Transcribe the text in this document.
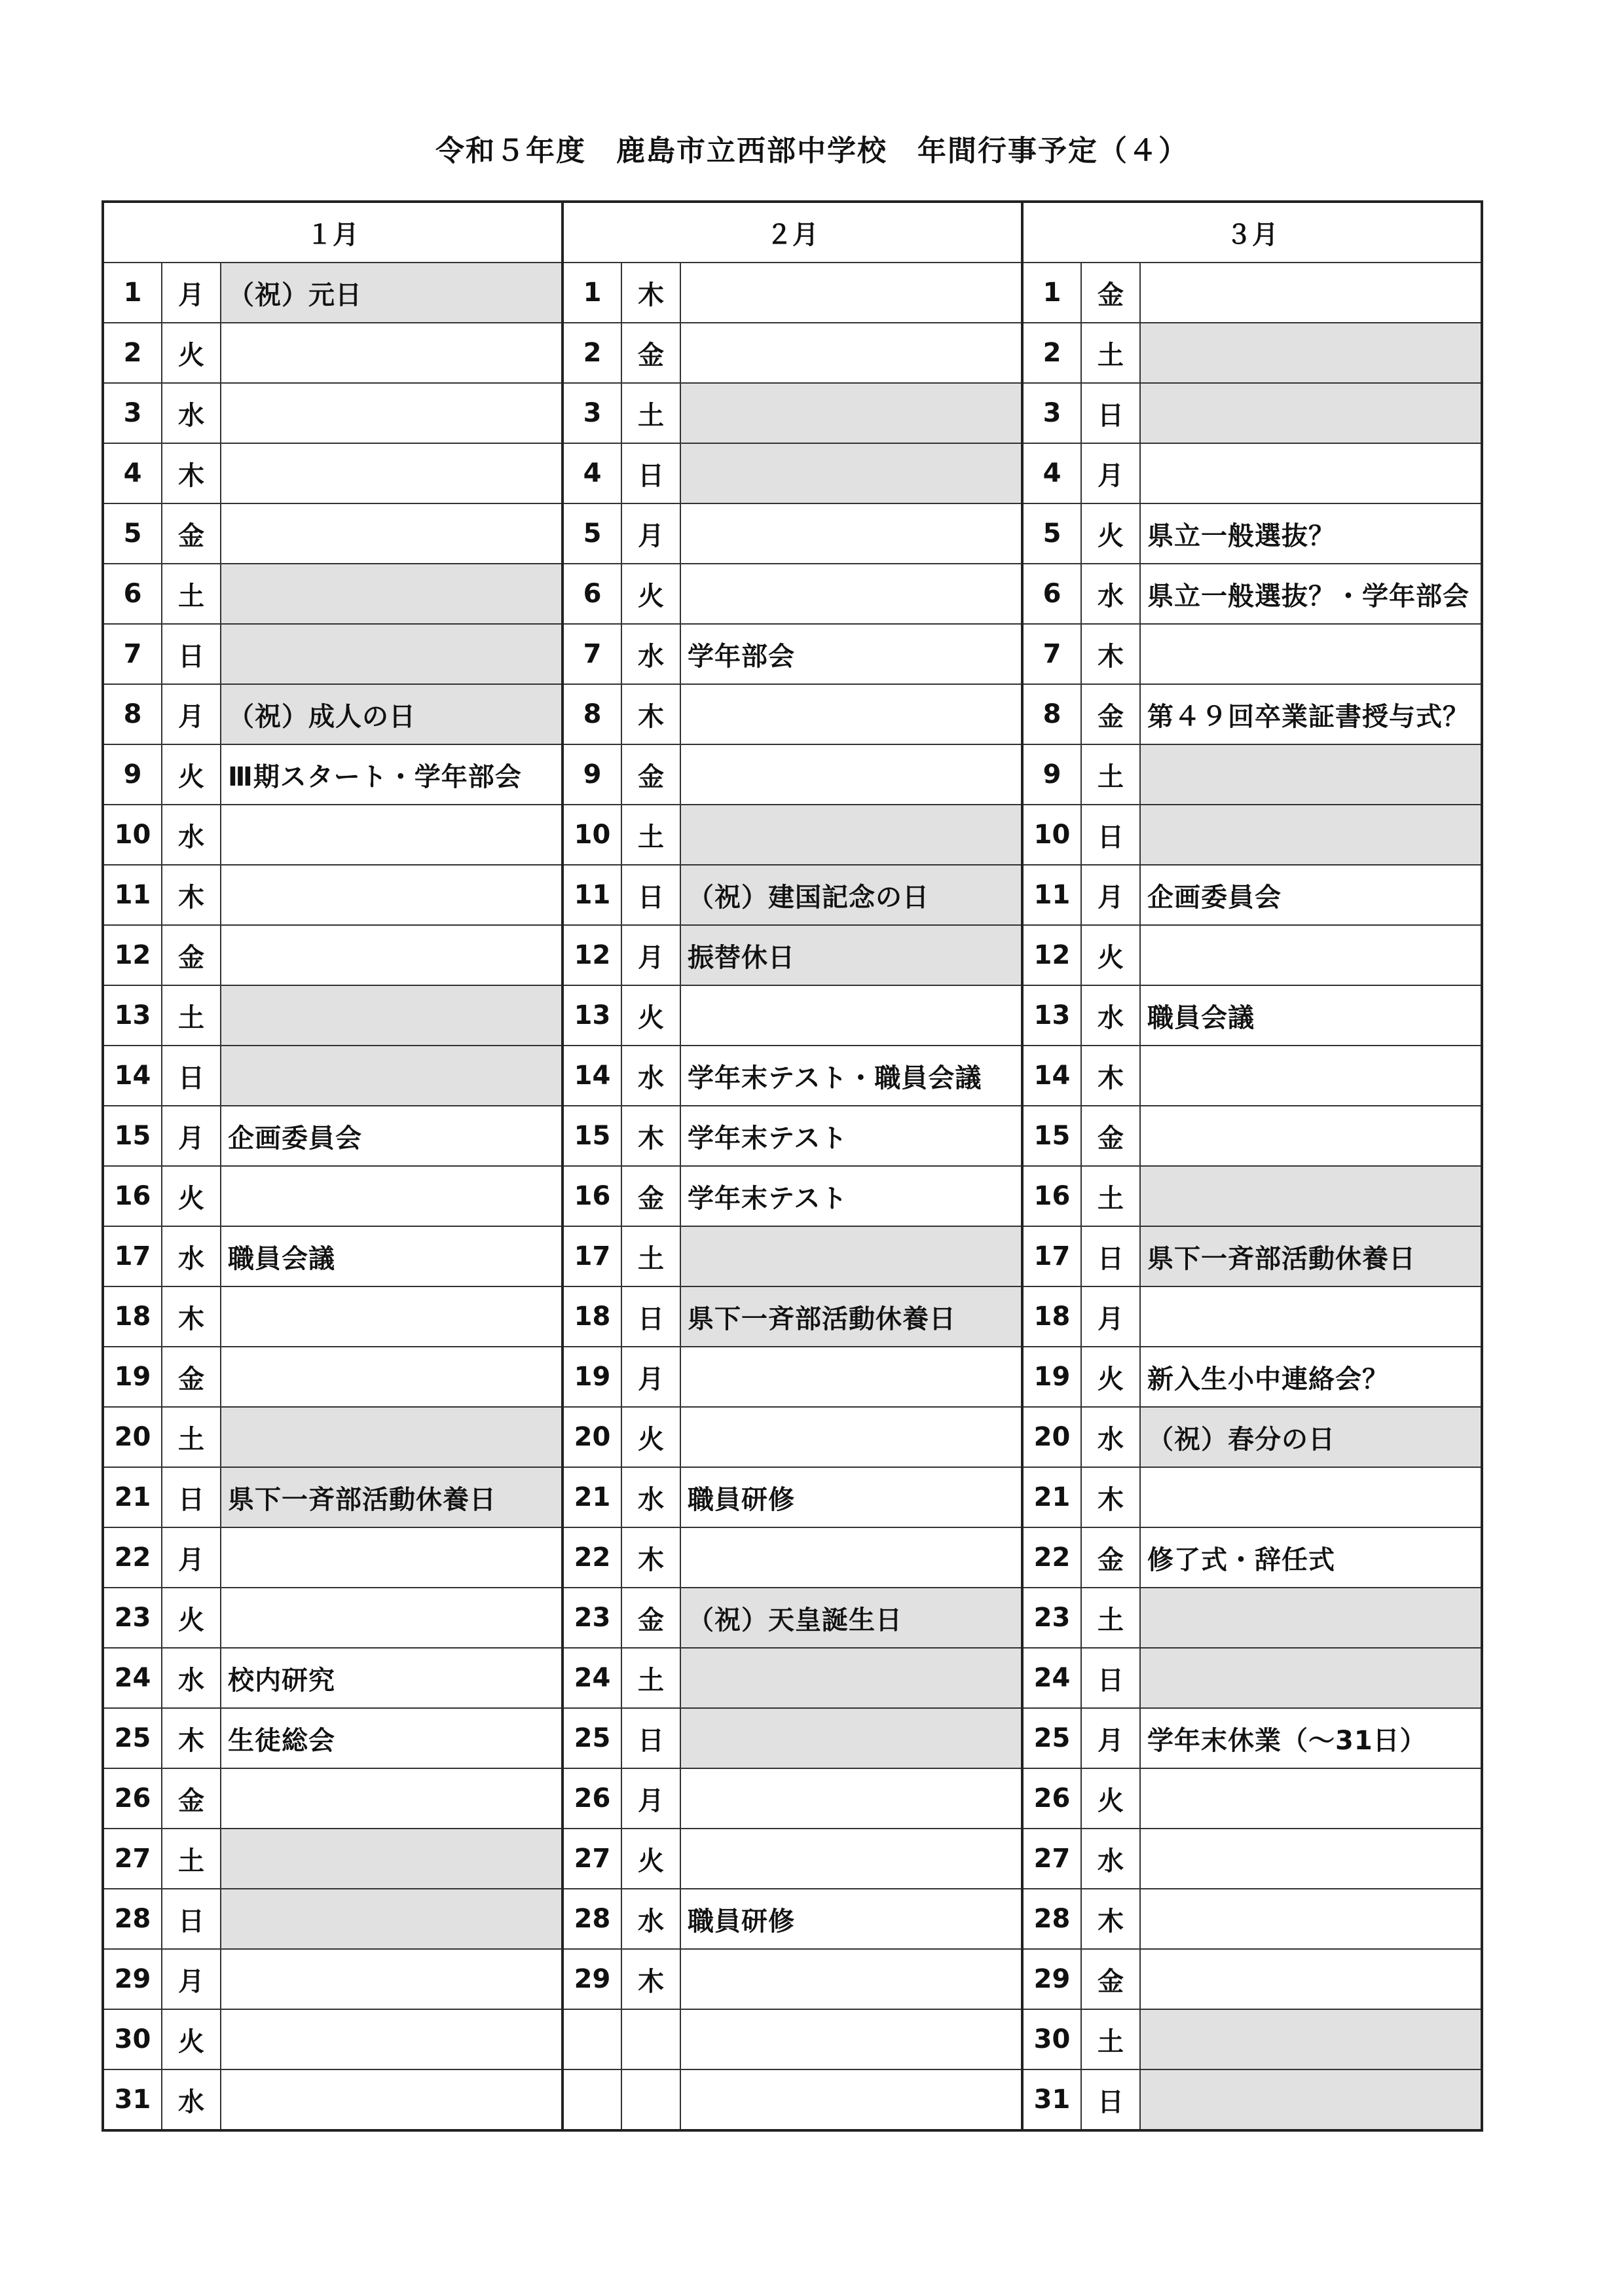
令和５年度　鹿島市立西部中学校　年間行事予定（４）
１月			２月			３月		
1	月	（祝）元日	1	木		1	金	
2	火		2	金		2	土	
3	水		3	土		3	日	
4	木		4	日		4	月	
5	金		5	月		5	火	県立一般選抜？
6	土		6	火		6	水	県立一般選抜？・学年部会
7	日		7	水	学年部会	7	木	
8	月	（祝）成人の日	8	木		8	金	第４９回卒業証書授与式？
9	火	Ⅲ期スタート・学年部会	9	金		9	土	
10	水		10	土		10	日	
11	木		11	日	（祝）建国記念の日	11	月	企画委員会
12	金		12	月	振替休日	12	火	
13	土		13	火		13	水	職員会議
14	日		14	水	学年末テスト・職員会議	14	木	
15	月	企画委員会	15	木	学年末テスト	15	金	
16	火		16	金	学年末テスト	16	土	
17	水	職員会議	17	土		17	日	県下一斉部活動休養日
18	木		18	日	県下一斉部活動休養日	18	月	
19	金		19	月		19	火	新入生小中連絡会？
20	土		20	火		20	水	（祝）春分の日
21	日	県下一斉部活動休養日	21	水	職員研修	21	木	
22	月		22	木		22	金	修了式・辞任式
23	火		23	金	（祝）天皇誕生日	23	土	
24	水	校内研究	24	土		24	日	
25	木	生徒総会	25	日		25	月	学年末休業（～31日）
26	金		26	月		26	火	
27	土		27	火		27	水	
28	日		28	水	職員研修	28	木	
29	月		29	木		29	金	
30	火					30	土	
31	水					31	日	
